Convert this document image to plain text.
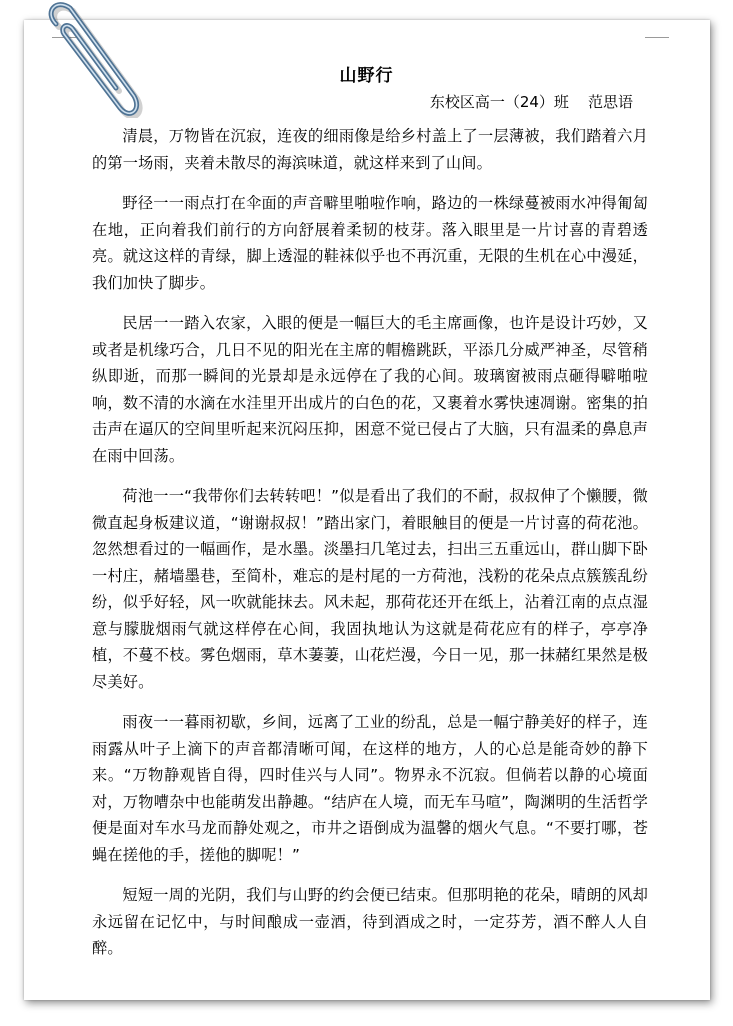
山野行
东校区高一（24）班    范思语

清晨，万物皆在沉寂，连夜的细雨像是给乡村盖上了一层薄被，我们踏着六月的第一场雨，夹着未散尽的海滨味道，就这样来到了山间。

野径一一雨点打在伞面的声音噼里啪啦作响，路边的一株绿蔓被雨水冲得匍匐在地，正向着我们前行的方向舒展着柔韧的枝芽。落入眼里是一片讨喜的青碧透亮。就这这样的青绿，脚上透湿的鞋袜似乎也不再沉重，无限的生机在心中漫延，我们加快了脚步。

民居一一踏入农家，入眼的便是一幅巨大的毛主席画像，也许是设计巧妙，又或者是机缘巧合，几日不见的阳光在主席的帽檐跳跃，平添几分威严神圣，尽管稍纵即逝，而那一瞬间的光景却是永远停在了我的心间。玻璃窗被雨点砸得噼啪啦响，数不清的水滴在水洼里开出成片的白色的花，又裹着水雾快速凋谢。密集的拍击声在逼仄的空间里听起来沉闷压抑，困意不觉已侵占了大脑，只有温柔的鼻息声在雨中回荡。

荷池一一“我带你们去转转吧！”似是看出了我们的不耐，叔叔伸了个懒腰，微微直起身板建议道，“谢谢叔叔！”踏出家门，着眼触目的便是一片讨喜的荷花池。忽然想看过的一幅画作，是水墨。淡墨扫几笔过去，扫出三五重远山，群山脚下卧一村庄，赭墙墨巷，至简朴，难忘的是村尾的一方荷池，浅粉的花朵点点簇簇乱纷纷，似乎好轻，风一吹就能抹去。风未起，那荷花还开在纸上，沾着江南的点点湿意与朦胧烟雨气就这样停在心间，我固执地认为这就是荷花应有的样子，亭亭净植，不蔓不枝。雾色烟雨，草木萋萋，山花烂漫，今日一见，那一抹赭红果然是极尽美好。

雨夜一一暮雨初歇，乡间，远离了工业的纷乱，总是一幅宁静美好的样子，连雨露从叶子上滴下的声音都清晰可闻，在这样的地方，人的心总是能奇妙的静下来。“万物静观皆自得，四时佳兴与人同”。物界永不沉寂。但倘若以静的心境面对，万物嘈杂中也能萌发出静趣。“结庐在人境，而无车马喧”，陶渊明的生活哲学便是面对车水马龙而静处观之，市井之语倒成为温馨的烟火气息。“不要打哪，苍蝇在搓他的手，搓他的脚呢！”

短短一周的光阴，我们与山野的约会便已结束。但那明艳的花朵，晴朗的风却永远留在记忆中，与时间酿成一壶酒，待到酒成之时，一定芬芳，酒不醉人人自醉。
